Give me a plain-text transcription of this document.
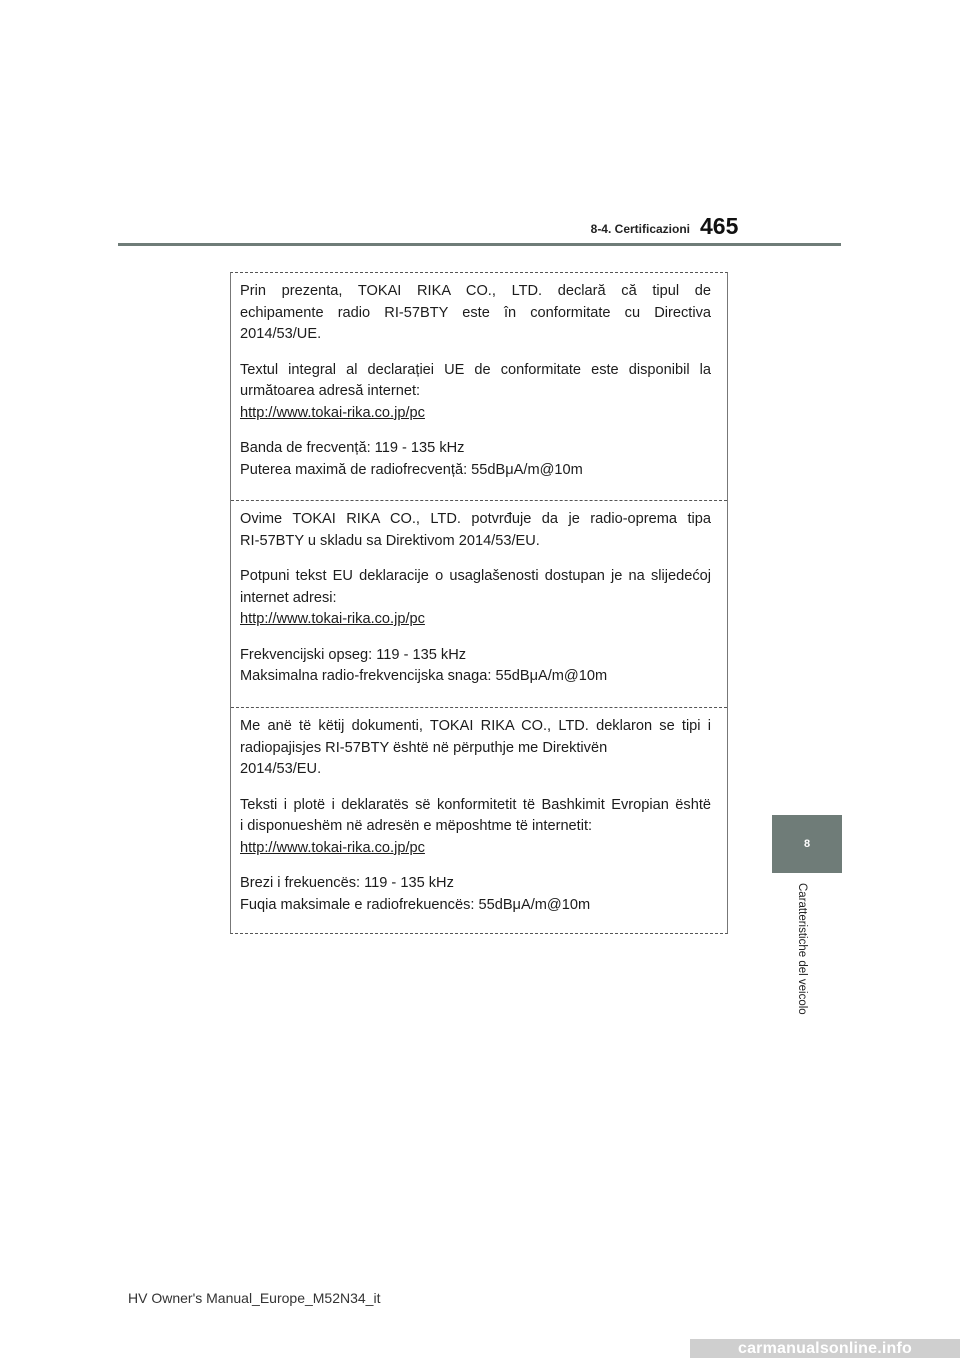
8-4. Certificazioni 465

Prin prezenta, TOKAI RIKA CO., LTD. declară că tipul de
echipamente radio RI-57BTY este în conformitate cu Directiva
2014/53/UE.

Textul integral al declarației UE de conformitate este disponibil la
următoarea adresă internet:
http://www.tokai-rika.co.jp/pc

Banda de frecvență: 119 - 135 kHz
Puterea maximă de radiofrecvență: 55dBμA/m@10m

Ovime TOKAI RIKA CO., LTD. potvrđuje da je radio-oprema tipa
RI-57BTY u skladu sa Direktivom 2014/53/EU.

Potpuni tekst EU deklaracije o usaglašenosti dostupan je na slijedećoj
internet adresi:
http://www.tokai-rika.co.jp/pc

Frekvencijski opseg: 119 - 135 kHz
Maksimalna radio-frekvencijska snaga: 55dBμA/m@10m

Me anë të këtij dokumenti, TOKAI RIKA CO., LTD. deklaron se tipi i
radiopajisjes RI-57BTY është në përputhje me Direktivën
2014/53/EU.

Teksti i plotë i deklaratës së konformitetit të Bashkimit Evropian është
i disponueshëm në adresën e mëposhtme të internetit:
http://www.tokai-rika.co.jp/pc

Brezi i frekuencës: 119 - 135 kHz
Fuqia maksimale e radiofrekuencës: 55dBμA/m@10m

8
Caratteristiche del veicolo
HV Owner's Manual_Europe_M52N34_it
carmanualsonline.info
